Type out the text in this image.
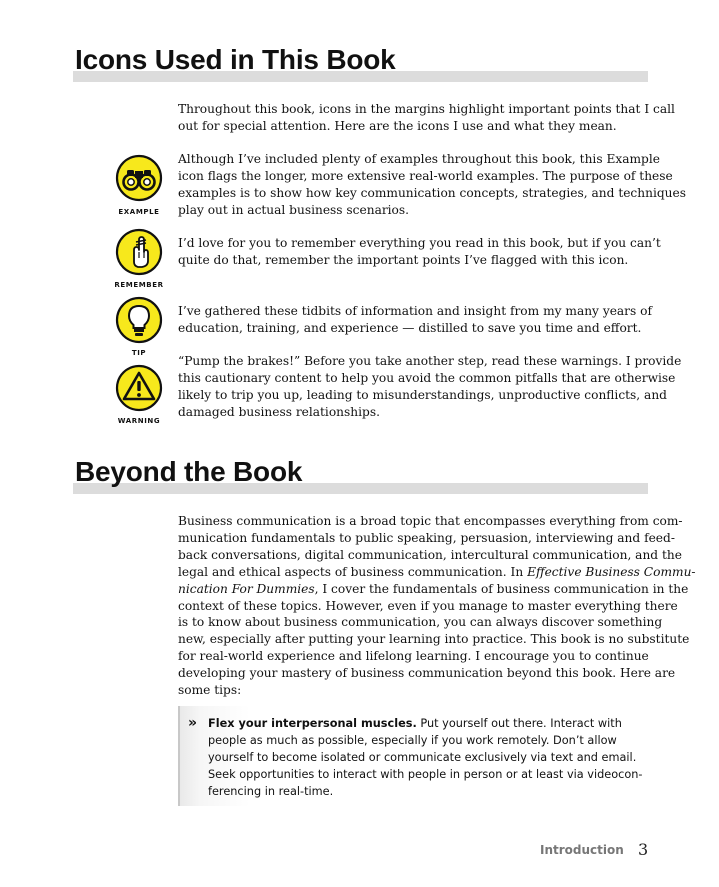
Icons Used in This Book

Throughout this book, icons in the margins highlight important points that I call
out for special attention. Here are the icons I use and what they mean.

EXAMPLE

Although I’ve included plenty of examples throughout this book, this Example
icon flags the longer, more extensive real-world examples. The purpose of these
examples is to show how key communication concepts, strategies, and techniques
play out in actual business scenarios.

REMEMBER

I’d love for you to remember everything you read in this book, but if you can’t
quite do that, remember the important points I’ve flagged with this icon.

TIP

I’ve gathered these tidbits of information and insight from my many years of
education, training, and experience — distilled to save you time and effort.

WARNING

“Pump the brakes!” Before you take another step, read these warnings. I provide
this cautionary content to help you avoid the common pitfalls that are otherwise
likely to trip you up, leading to misunderstandings, unproductive conflicts, and
damaged business relationships.

Beyond the Book

Business communication is a broad topic that encompasses everything from com-
munication fundamentals to public speaking, persuasion, interviewing and feed-
back conversations, digital communication, intercultural communication, and the
legal and ethical aspects of business communication. In Effective Business Commu-
nication For Dummies, I cover the fundamentals of business communication in the
context of these topics. However, even if you manage to master everything there
is to know about business communication, you can always discover something
new, especially after putting your learning into practice. This book is no substitute
for real-world experience and lifelong learning. I encourage you to continue
developing your mastery of business communication beyond this book. Here are
some tips:

» Flex your interpersonal muscles. Put yourself out there. Interact with
people as much as possible, especially if you work remotely. Don’t allow
yourself to become isolated or communicate exclusively via text and email.
Seek opportunities to interact with people in person or at least via videocon-
ferencing in real-time.

Introduction 3
